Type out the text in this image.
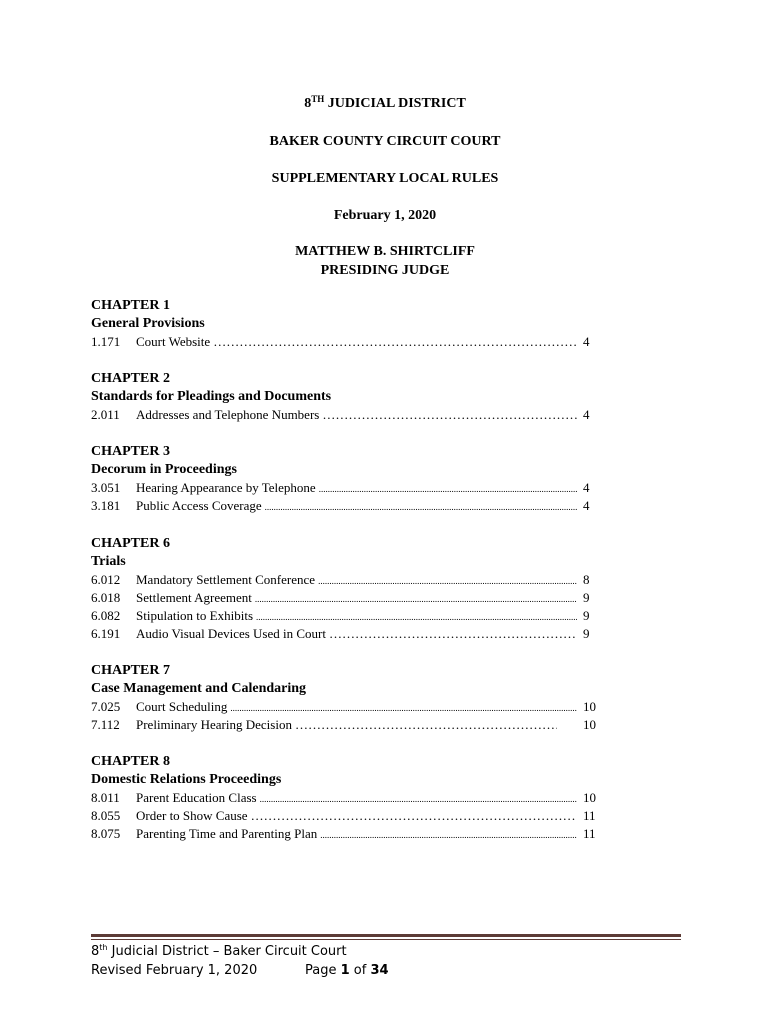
8TH JUDICIAL DISTRICT
BAKER COUNTY CIRCUIT COURT
SUPPLEMENTARY LOCAL RULES
February 1, 2020
MATTHEW B. SHIRTCLIFF
PRESIDING JUDGE
CHAPTER 1
General Provisions
1.171	Court Website …………………………………………………………………………………………………………………………………………………………	4
CHAPTER 2
Standards for Pleadings and Documents
2.011	Addresses and Telephone Numbers …………………………………………………………………………………………………………………………………………………………	4
CHAPTER 3
Decorum in Proceedings
3.051	Hearing Appearance by Telephone .....	4
3.181	Public Access Coverage .....	4
CHAPTER 6
Trials
6.012	Mandatory Settlement Conference .....	8
6.018	Settlement Agreement .....	9
6.082	Stipulation to Exhibits .....	9
6.191	Audio Visual Devices Used in Court …………………………………………………………………………………………………………………………………………………………	9
CHAPTER 7
Case Management and Calendaring
7.025	Court Scheduling .....	10
7.112	Preliminary Hearing Decision …………………………………………………………………………………………………………………………………………………………	10
CHAPTER 8
Domestic Relations Proceedings
8.011	Parent Education Class .....	10
8.055	Order to Show Cause …………………………………………………………………………………………………………………………………………………………	11
8.075	Parenting Time and Parenting Plan .....	11
8th Judicial District – Baker Circuit Court
Revised February 1, 2020	Page 1 of 34
